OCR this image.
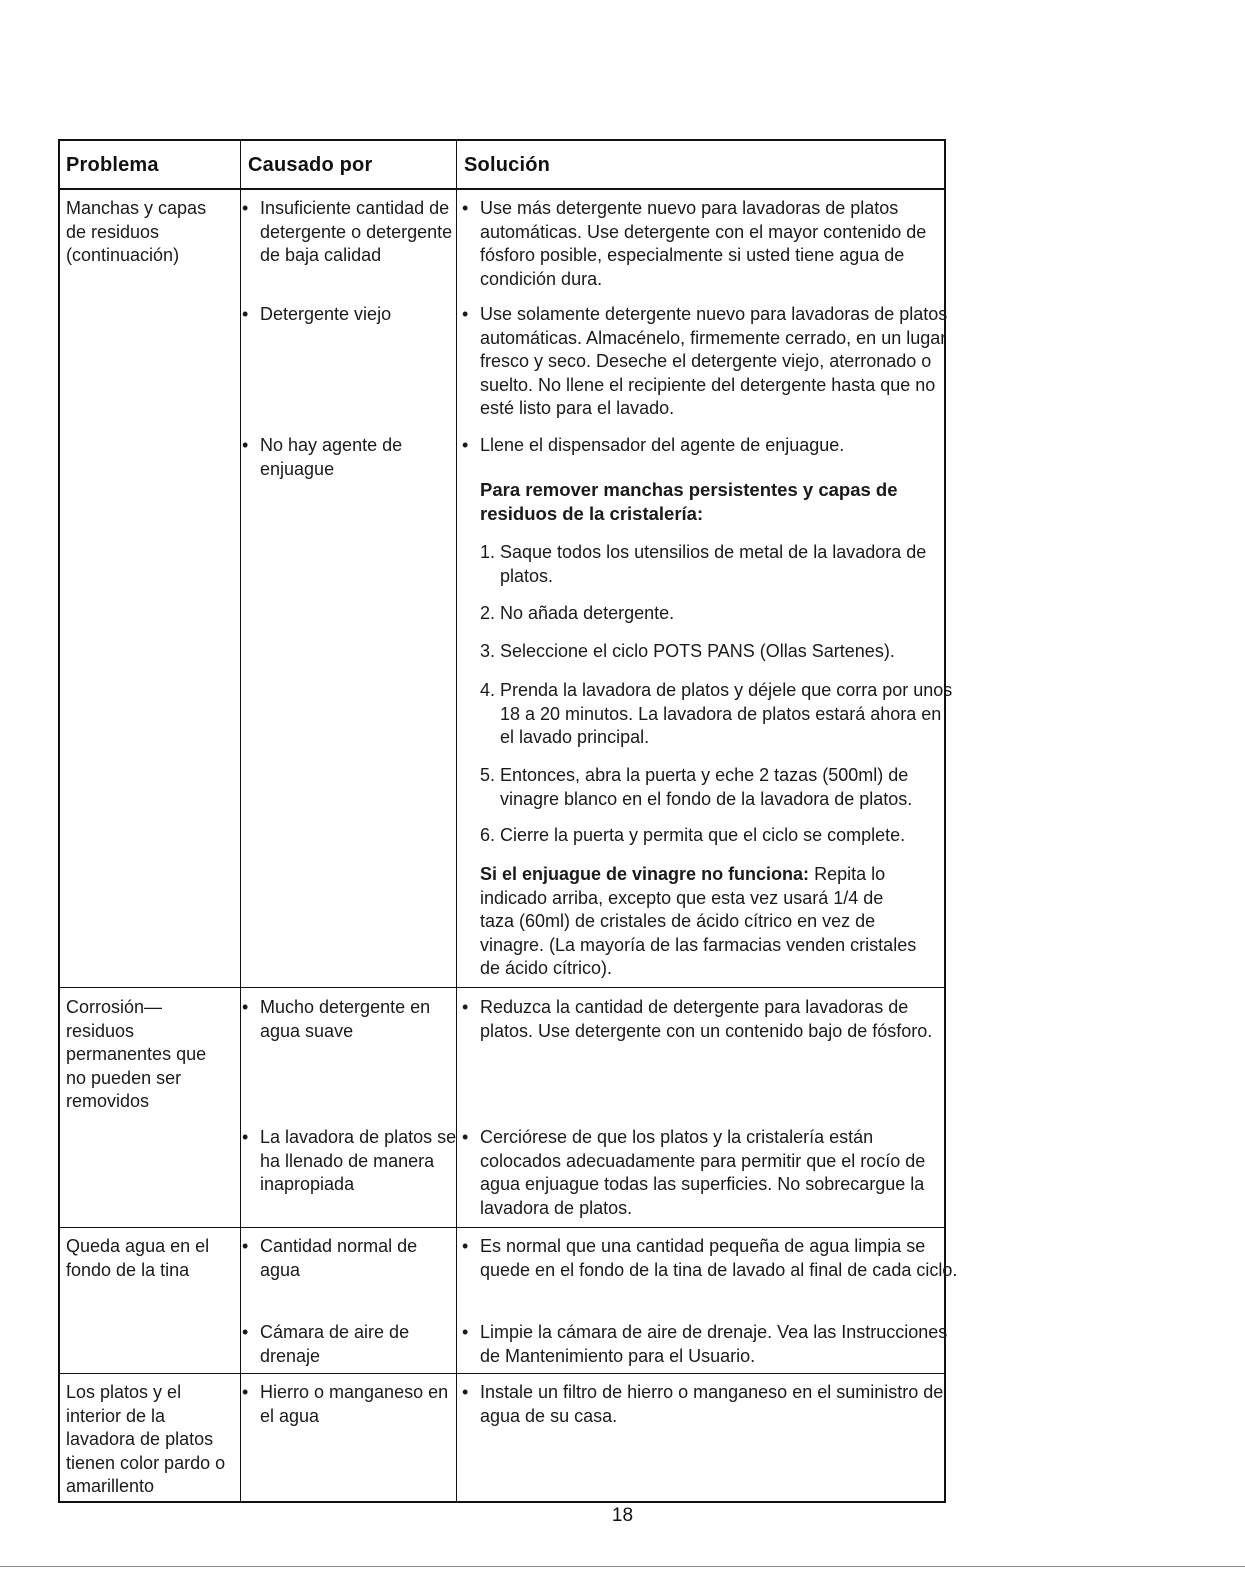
Problema	Causado por	Solución
Manchas y capas de residuos (continuación)
• Insuficiente cantidad de detergente o detergente de baja calidad
• Detergente viejo
• No hay agente de enjuague
• Use más detergente nuevo para lavadoras de platos automáticas. Use detergente con el mayor contenido de fósforo posible, especialmente si usted tiene agua de condición dura.
• Use solamente detergente nuevo para lavadoras de platos automáticas. Almacénelo, firmemente cerrado, en un lugar fresco y seco. Deseche el detergente viejo, aterronado o suelto. No llene el recipiente del detergente hasta que no esté listo para el lavado.
• Llene el dispensador del agente de enjuague.
Para remover manchas persistentes y capas de residuos de la cristalería:
1. Saque todos los utensilios de metal de la lavadora de platos.
2. No añada detergente.
3. Seleccione el ciclo POTS PANS (Ollas Sartenes).
4. Prenda la lavadora de platos y déjele que corra por unos 18 a 20 minutos. La lavadora de platos estará ahora en el lavado principal.
5. Entonces, abra la puerta y eche 2 tazas (500ml) de vinagre blanco en el fondo de la lavadora de platos.
6. Cierre la puerta y permita que el ciclo se complete.
Si el enjuague de vinagre no funciona: Repita lo indicado arriba, excepto que esta vez usará 1/4 de taza (60ml) de cristales de ácido cítrico en vez de vinagre. (La mayoría de las farmacias venden cristales de ácido cítrico).
Corrosión—residuos permanentes que no pueden ser removidos
• Mucho detergente en agua suave
• La lavadora de platos se ha llenado de manera inapropiada
• Reduzca la cantidad de detergente para lavadoras de platos. Use detergente con un contenido bajo de fósforo.
• Cerciórese de que los platos y la cristalería están colocados adecuadamente para permitir que el rocío de agua enjuague todas las superficies. No sobrecargue la lavadora de platos.
Queda agua en el fondo de la tina
• Cantidad normal de agua
• Cámara de aire de drenaje
• Es normal que una cantidad pequeña de agua limpia se quede en el fondo de la tina de lavado al final de cada ciclo.
• Limpie la cámara de aire de drenaje. Vea las Instrucciones de Mantenimiento para el Usuario.
Los platos y el interior de la lavadora de platos tienen color pardo o amarillento
• Hierro o manganeso en el agua
• Instale un filtro de hierro o manganeso en el suministro de agua de su casa.
18
